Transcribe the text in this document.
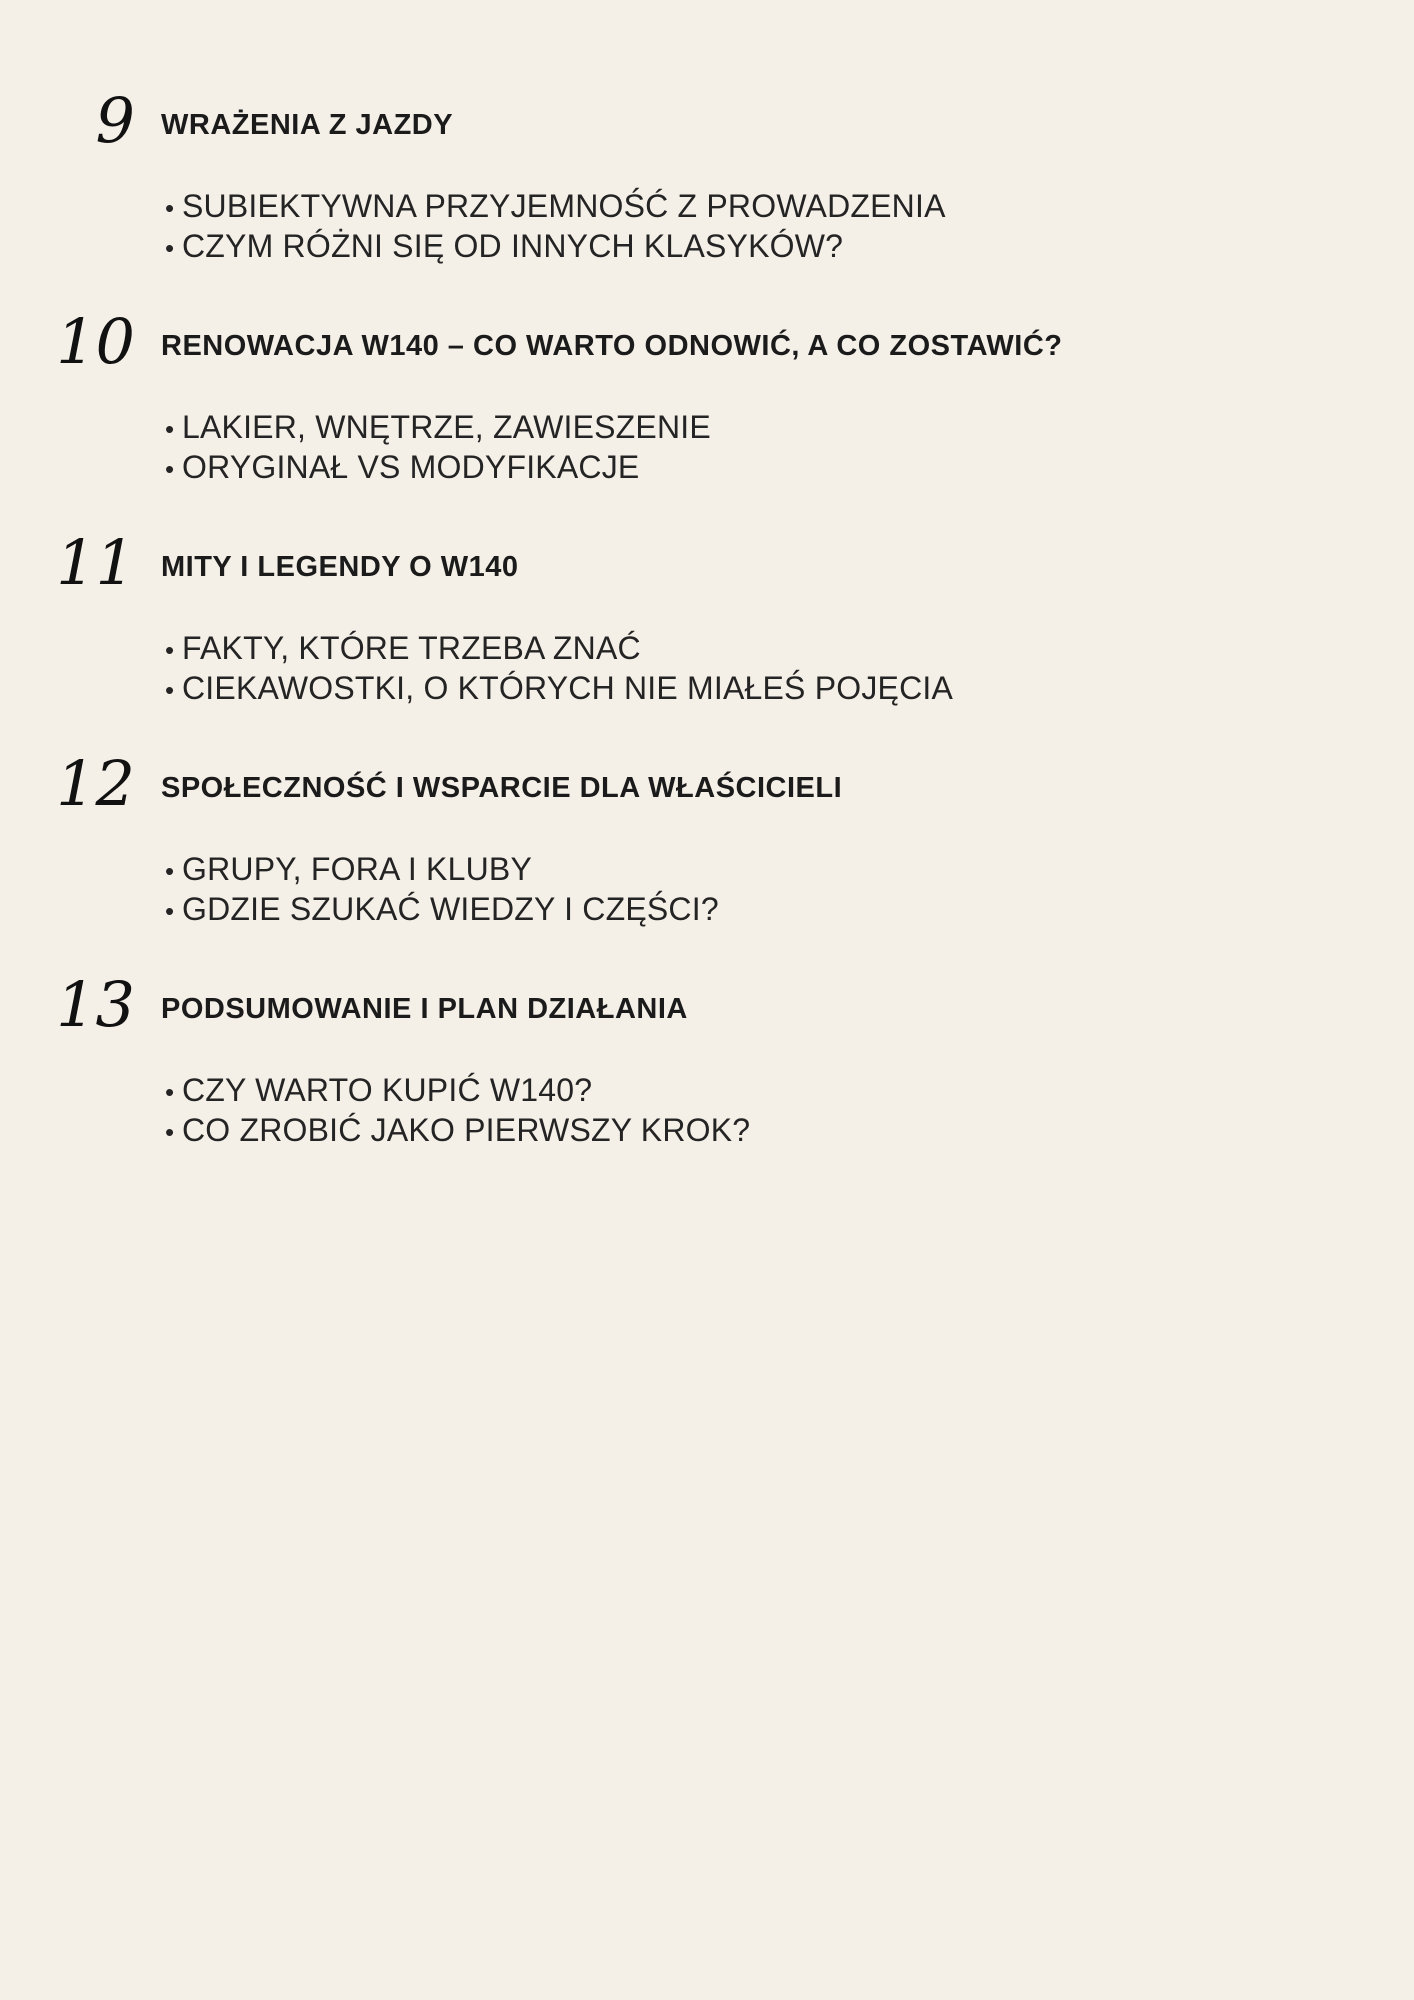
9 WRAŻENIA Z JAZDY
• SUBIEKTYWNA PRZYJEMNOŚĆ Z PROWADZENIA
• CZYM RÓŻNI SIĘ OD INNYCH KLASYKÓW?
10 RENOWACJA W140 – CO WARTO ODNOWIĆ, A CO ZOSTAWIĆ?
• LAKIER, WNĘTRZE, ZAWIESZENIE
• ORYGINAŁ VS MODYFIKACJE
11 MITY I LEGENDY O W140
• FAKTY, KTÓRE TRZEBA ZNAĆ
• CIEKAWOSTKI, O KTÓRYCH NIE MIAŁEŚ POJĘCIA
12 SPOŁECZNOŚĆ I WSPARCIE DLA WŁAŚCICIELI
• GRUPY, FORA I KLUBY
• GDZIE SZUKAĆ WIEDZY I CZĘŚCI?
13 PODSUMOWANIE I PLAN DZIAŁANIA
• CZY WARTO KUPIĆ W140?
• CO ZROBIĆ JAKO PIERWSZY KROK?
